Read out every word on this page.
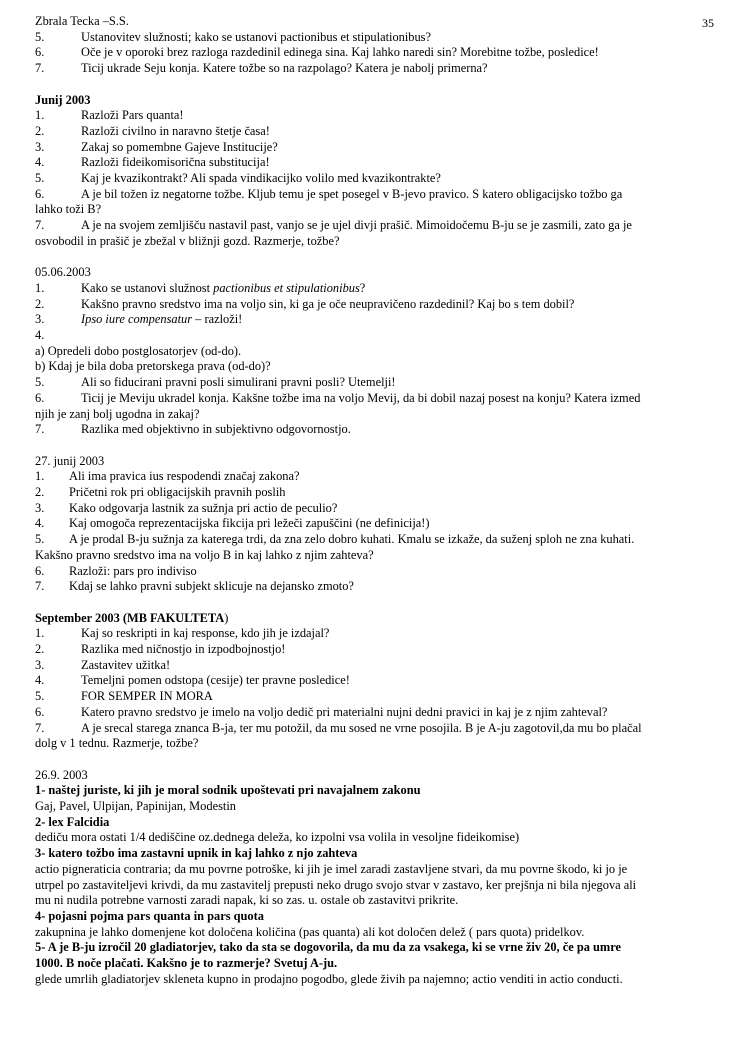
35
Zbrala Tecka –S.S.
5.	Ustanovitev služnosti; kako se ustanovi pactionibus et stipulationibus?
6.	Oče je v oporoki brez razloga razdedinil edinega sina. Kaj lahko naredi sin? Morebitne tožbe, posledice!
7.	Ticij ukrade Seju konja. Katere tožbe so na razpolago? Katera je nabolj primerna?
Junij 2003
1.	Razloži Pars quanta!
2.	Razloži civilno in naravno štetje časa!
3.	Zakaj so pomembne Gajeve Institucije?
4.	Razloži fideikomisorična substitucija!
5.	Kaj je kvazikontrakt? Ali spada vindikacijko volilo med kvazikontrakte?
6.	A je bil tožen iz negatorne tožbe. Kljub temu je spet posegel v B-jevo pravico. S katero obligacijsko tožbo ga
lahko toži B?
7.	A je na svojem zemljišču nastavil past, vanjo se je ujel divji prašič. Mimoidočemu B-ju se je zasmili, zato ga je
osvobodil in prašič je zbežal v bližnji gozd. Razmerje, tožbe?
05.06.2003
1.	Kako se ustanovi služnost pactionibus et stipulationibus?
2.	Kakšno pravno sredstvo ima na voljo sin, ki ga je oče neupravičeno razdedinil? Kaj bo s tem dobil?
3.	Ipso iure compensatur – razloži!
4.
a) Opredeli dobo postglosatorjev (od-do).
b) Kdaj je bila doba pretorskega prava (od-do)?
5.	Ali so fiducirani pravni posli simulirani pravni posli? Utemelji!
6.	Ticij je Meviju ukradel konja. Kakšne tožbe ima na voljo Mevij, da bi dobil nazaj posest na konju? Katera izmed
njih je zanj bolj ugodna in zakaj?
7.	Razlika med objektivno in subjektivno odgovornostjo.
27. junij 2003
1. Ali ima pravica ius respodendi značaj zakona?
2. Pričetni rok pri obligacijskih pravnih poslih
3. Kako odgovarja lastnik za sužnja pri actio de peculio?
4. Kaj omogoča reprezentacijska fikcija pri ležeči zapuščini (ne definicija!)
5. A je prodal B-ju sužnja za katerega trdi, da zna zelo dobro kuhati. Kmalu se izkaže, da suženj sploh ne zna kuhati.
Kakšno pravno sredstvo ima na voljo B in kaj lahko z njim zahteva?
6. Razloži: pars pro indiviso
7. Kdaj se lahko pravni subjekt sklicuje na dejansko zmoto?
September 2003 (MB FAKULTETA)
1.	Kaj so reskripti in kaj response, kdo jih je izdajal?
2.	Razlika med ničnostjo in izpodbojnostjo!
3.	Zastavitev užitka!
4.	Temeljni pomen odstopa (cesije) ter pravne posledice!
5.	FOR SEMPER IN MORA
6.	Katero pravno sredstvo je imelo na voljo dedič pri materialni nujni dedni pravici in kaj je z njim zahteval?
7.	A je srecal starega znanca B-ja, ter mu potožil, da mu sosed ne vrne posojila. B je A-ju zagotovil,da mu bo plačal
dolg v 1 tednu. Razmerje, tožbe?
26.9. 2003
1- naštej juriste, ki jih je moral sodnik upoštevati pri navajalnem zakonu
Gaj, Pavel, Ulpijan, Papinijan, Modestin
2- lex Falcidia
dediču mora ostati 1/4 dediščine oz.dednega deleža, ko izpolni vsa volila in vesoljne fideikomise)
3- katero tožbo ima zastavni upnik in kaj lahko z njo zahteva
actio pigneraticia contraria; da mu povrne potroške, ki jih je imel zaradi zastavljene stvari, da mu povrne škodo, ki jo je
utrpel po zastaviteljevi krivdi, da mu zastavitelj prepusti neko drugo svojo stvar v zastavo, ker prejšnja ni bila njegova ali
mu ni nudila potrebne varnosti zaradi napak, ki so zas. u. ostale ob zastavitvi prikrite.
4- pojasni pojma pars quanta in pars quota
zakupnina je lahko domenjene kot določena količina (pas quanta) ali kot določen delež ( pars quota) pridelkov.
5- A je B-ju izročil 20 gladiatorjev, tako da sta se dogovorila, da mu da za vsakega, ki se vrne živ 20, če pa umre
1000. B noče plačati. Kakšno je to razmerje? Svetuj A-ju.
glede umrlih gladiatorjev skleneta kupno in prodajno pogodbo, glede živih pa najemno; actio venditi in actio conducti.
